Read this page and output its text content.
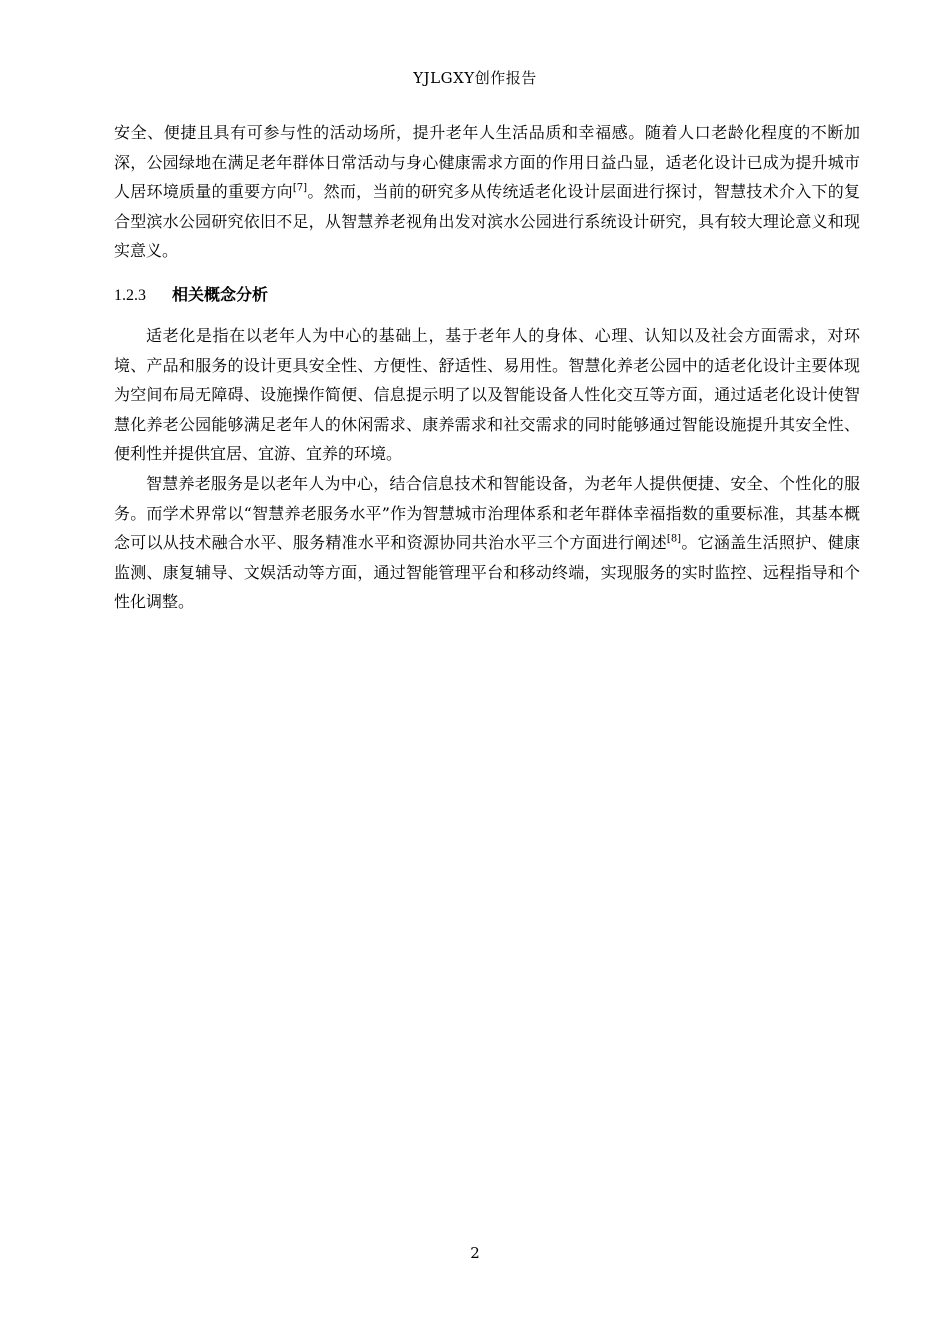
YJLGXY创作报告

安全、便捷且具有可参与性的活动场所，提升老年人生活品质和幸福感。随着人口老龄化程度的不断加深，公园绿地在满足老年群体日常活动与身心健康需求方面的作用日益凸显，适老化设计已成为提升城市人居环境质量的重要方向[7]。然而，当前的研究多从传统适老化设计层面进行探讨，智慧技术介入下的复合型滨水公园研究依旧不足，从智慧养老视角出发对滨水公园进行系统设计研究，具有较大理论意义和现实意义。

1.2.3 相关概念分析

适老化是指在以老年人为中心的基础上，基于老年人的身体、心理、认知以及社会方面需求，对环境、产品和服务的设计更具安全性、方便性、舒适性、易用性。智慧化养老公园中的适老化设计主要体现为空间布局无障碍、设施操作简便、信息提示明了以及智能设备人性化交互等方面，通过适老化设计使智慧化养老公园能够满足老年人的休闲需求、康养需求和社交需求的同时能够通过智能设施提升其安全性、便利性并提供宜居、宜游、宜养的环境。

智慧养老服务是以老年人为中心，结合信息技术和智能设备，为老年人提供便捷、安全、个性化的服务。而学术界常以“智慧养老服务水平”作为智慧城市治理体系和老年群体幸福指数的重要标准，其基本概念可以从技术融合水平、服务精准水平和资源协同共治水平三个方面进行阐述[8]。它涵盖生活照护、健康监测、康复辅导、文娱活动等方面，通过智能管理平台和移动终端，实现服务的实时监控、远程指导和个性化调整。

2
